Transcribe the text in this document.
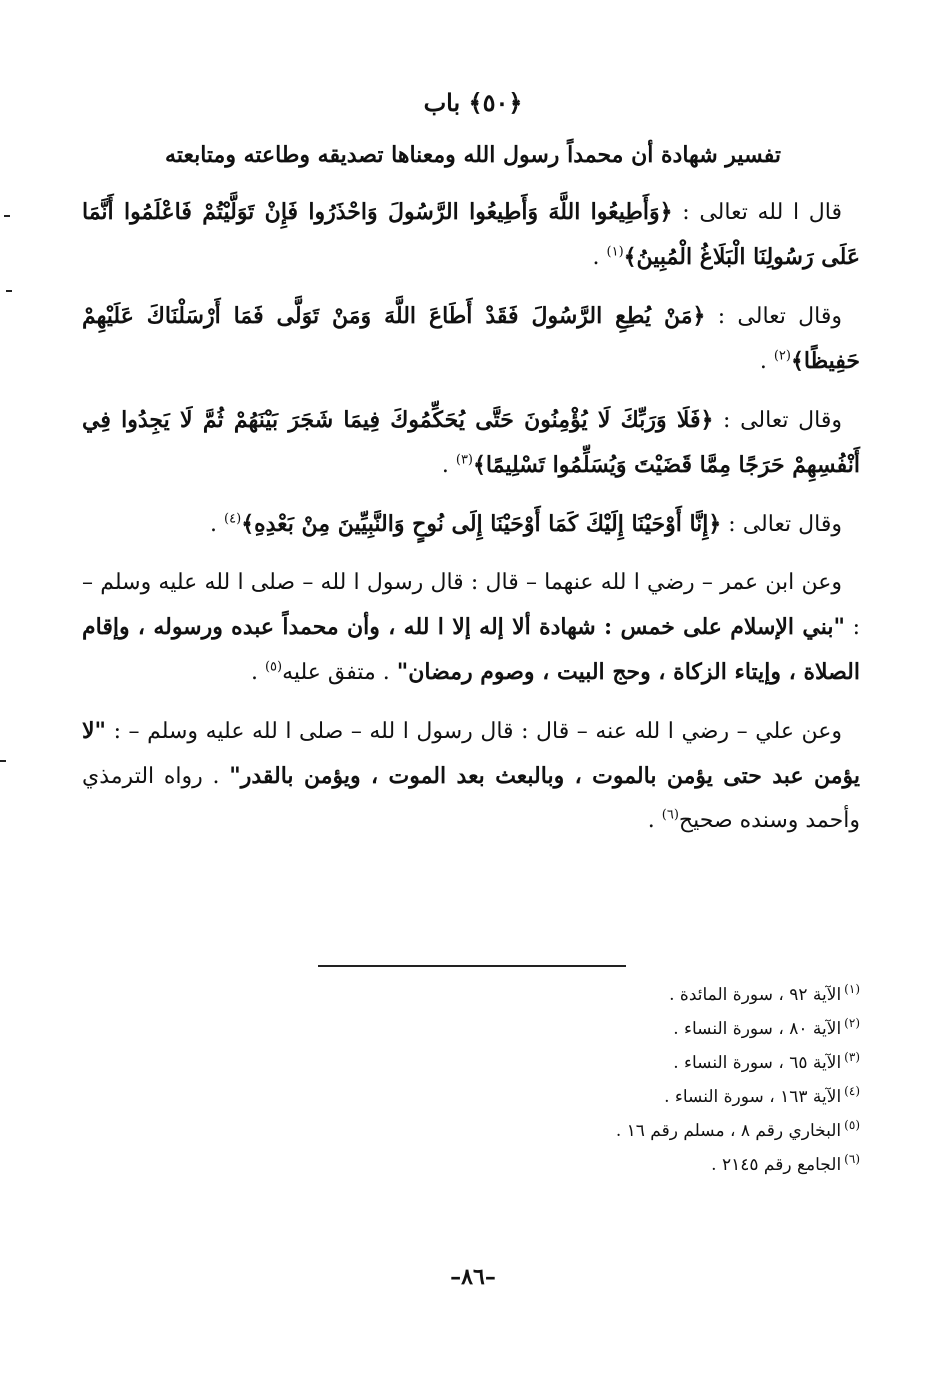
﴿٥٠﴾ باب
تفسير شهادة أن محمداً رسول الله ومعناها تصديقه وطاعته ومتابعته

قال ا لله تعالى : ﴿وَأَطِيعُوا اللَّهَ وَأَطِيعُوا الرَّسُولَ وَاحْذَرُوا فَإِنْ تَوَلَّيْتُمْ فَاعْلَمُوا أَنَّمَا عَلَى رَسُولِنَا الْبَلَاغُ الْمُبِينُ﴾$^{(١)}$ .

وقال تعالى : ﴿مَنْ يُطِعِ الرَّسُولَ فَقَدْ أَطَاعَ اللَّهَ وَمَنْ تَوَلَّى فَمَا أَرْسَلْنَاكَ عَلَيْهِمْ حَفِيظًا﴾$^{(٢)}$ .

وقال تعالى : ﴿فَلَا وَرَبِّكَ لَا يُؤْمِنُونَ حَتَّى يُحَكِّمُوكَ فِيمَا شَجَرَ بَيْنَهُمْ ثُمَّ لَا يَجِدُوا فِي أَنْفُسِهِمْ حَرَجًا مِمَّا قَضَيْتَ وَيُسَلِّمُوا تَسْلِيمًا﴾$^{(٣)}$ .

وقال تعالى : ﴿إِنَّا أَوْحَيْنَا إِلَيْكَ كَمَا أَوْحَيْنَا إِلَى نُوحٍ وَالنَّبِيِّينَ مِنْ بَعْدِهِ﴾$^{(٤)}$ .

وعن ابن عمر – رضي ا لله عنهما – قال : قال رسول ا لله – صلى ا لله عليه وسلم – : "بني الإسلام على خمس : شهادة ألا إله إلا ا لله ، وأن محمداً عبده ورسوله ، وإقام الصلاة ، وإيتاء الزكاة ، وحج البيت ، وصوم رمضان" . متفق عليه$^{(٥)}$ .

وعن علي – رضي ا لله عنه – قال : قال رسول ا لله – صلى ا لله عليه وسلم – : "لا يؤمن عبد حتى يؤمن بالموت ، وبالبعث بعد الموت ، ويؤمن بالقدر" . رواه الترمذي وأحمد وسنده صحيح$^{(٦)}$ .

$^{(١)}$الآية ٩٢ ، سورة المائدة .
$^{(٢)}$الآية ٨٠ ، سورة النساء .
$^{(٣)}$الآية ٦٥ ، سورة النساء .
$^{(٤)}$الآية ١٦٣ ، سورة النساء .
$^{(٥)}$البخاري رقم ٨ ، مسلم رقم ١٦ .
$^{(٦)}$الجامع رقم ٢١٤٥ .
–٨٦–
